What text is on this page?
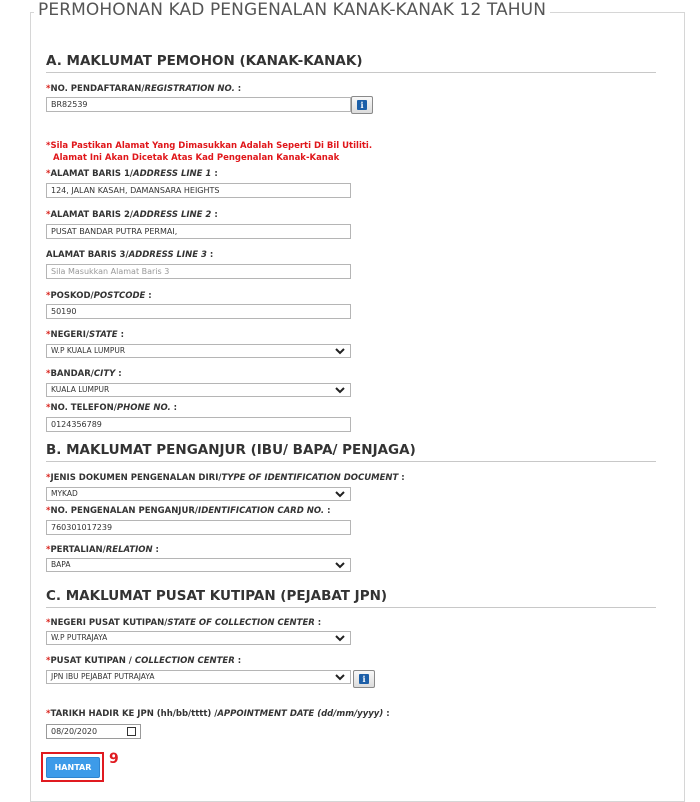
PERMOHONAN KAD PENGENALAN KANAK-KANAK 12 TAHUN
A. MAKLUMAT PEMOHON (KANAK-KANAK)
*NO. PENDAFTARAN/REGISTRATION NO. :
BR82539	i
*Sila Pastikan Alamat Yang Dimasukkan Adalah Seperti Di Bil Utiliti.
Alamat Ini Akan Dicetak Atas Kad Pengenalan Kanak-Kanak
*ALAMAT BARIS 1/ADDRESS LINE 1 :
124, JALAN KASAH, DAMANSARA HEIGHTS
*ALAMAT BARIS 2/ADDRESS LINE 2 :
PUSAT BANDAR PUTRA PERMAI,
ALAMAT BARIS 3/ADDRESS LINE 3 :
Sila Masukkan Alamat Baris 3
*POSKOD/POSTCODE :
50190
*NEGERI/STATE :
W.P KUALA LUMPUR
*BANDAR/CITY :
KUALA LUMPUR
*NO. TELEFON/PHONE NO. :
0124356789
B. MAKLUMAT PENGANJUR (IBU/ BAPA/ PENJAGA)
*JENIS DOKUMEN PENGENALAN DIRI/TYPE OF IDENTIFICATION DOCUMENT :
MYKAD
*NO. PENGENALAN PENGANJUR/IDENTIFICATION CARD NO. :
760301017239
*PERTALIAN/RELATION :
BAPA
C. MAKLUMAT PUSAT KUTIPAN (PEJABAT JPN)
*NEGERI PUSAT KUTIPAN/STATE OF COLLECTION CENTER :
W.P PUTRAJAYA
*PUSAT KUTIPAN / COLLECTION CENTER :
JPN IBU PEJABAT PUTRAJAYA	i
*TARIKH HADIR KE JPN (hh/bb/tttt) /APPOINTMENT DATE (dd/mm/yyyy) :
08/20/2020
HANTAR
9
